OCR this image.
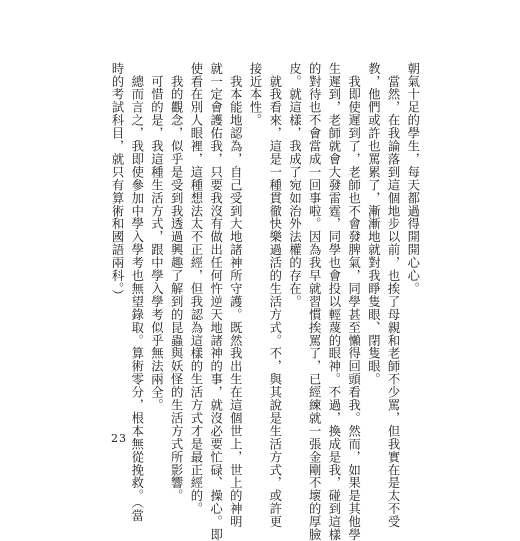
朝氣十足的學生，每天都過得開開心心。
　當然，在我論落到這個地步以前，也挨了母親和老師不少罵，但我實在是太不受
教，他們或許也罵累了，漸漸地就對我睜隻眼、閉隻眼。
　我即使遲到了，老師也不會發脾氣，同學甚至懶得回頭看我。然而，如果是其他學
生遲到，老師就會大發雷霆，同學也會投以輕蔑的眼神。不過，換成是我，碰到這樣
的對待也不會當成一回事啦。因為我早就習慣挨罵了，已經練就一張金剛不壞的厚臉
皮。就這樣，我成了宛如治外法權的存在。
　就我看來，這是一種貫徹快樂過活的生活方式。不，與其說是生活方式，或許更
接近本性。
　我本能地認為，自己受到大地諸神所守護。既然我出生在這個世上，世上的神明
就一定會護佑我，只要我沒有做出任何忤逆天地諸神的事，就沒必要忙碌、操心。即
使看在別人眼裡，這種想法太不正經，但我認為這樣的生活方式才是最正經的。
　我的觀念，似乎是受到我透過興趣了解到的昆蟲與妖怪的生活方式所影響。
　可惜的是，我這種生活方式，跟中學入學考似乎無法兩全。
　總而言之，我即使參加中學入學考也無望錄取。算術零分，根本無從挽救。（當
時的考試科目，就只有算術和國語兩科。）
23
